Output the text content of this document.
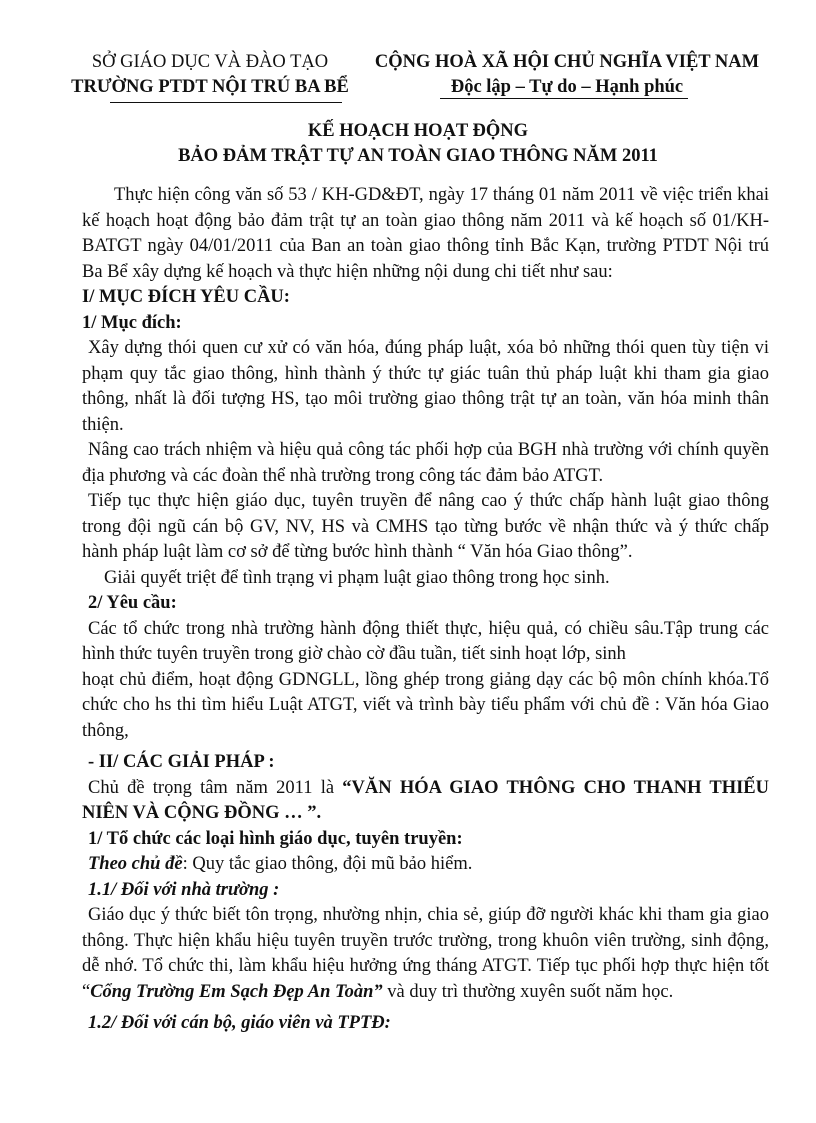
SỞ GIÁO DỤC VÀ ĐÀO TẠO
TRƯỜNG PTDT NỘI TRÚ BA BỂ
CỘNG HOÀ XÃ HỘI CHỦ NGHĨA VIỆT NAM
Độc lập – Tự do – Hạnh phúc
KẾ HOẠCH HOẠT ĐỘNG
BẢO ĐẢM TRẬT TỰ AN TOÀN GIAO THÔNG NĂM 2011

Thực hiện công văn số 53 / KH-GD&ĐT, ngày 17 tháng 01 năm 2011 về việc triển khai kế hoạch hoạt động bảo đảm trật tự an toàn giao thông năm 2011 và kế hoạch số 01/KH-BATGT ngày 04/01/2011 của Ban an toàn giao thông tỉnh Bắc Kạn, trường PTDT Nội trú Ba Bể xây dựng kế hoạch và thực hiện những nội dung chi tiết như sau:

I/ MỤC ĐÍCH YÊU CẦU:

1/ Mục đích:

Xây dựng thói quen cư xử có văn hóa, đúng pháp luật, xóa bỏ những thói quen tùy tiện vi phạm quy tắc giao thông, hình thành ý thức tự giác tuân thủ pháp luật khi tham gia giao thông, nhất là đối tượng HS, tạo môi trường giao thông trật tự an toàn, văn hóa minh thân thiện.

Nâng cao trách nhiệm và hiệu quả công tác phối hợp của BGH nhà trường với chính quyền địa phương và các đoàn thể nhà trường trong công tác đảm bảo ATGT.

Tiếp tục thực hiện giáo dục, tuyên truyền để nâng cao ý thức chấp hành luật giao thông trong đội ngũ cán bộ GV, NV, HS và CMHS tạo từng bước về nhận thức và ý thức chấp hành pháp luật làm cơ sở để từng bước hình thành “ Văn hóa Giao thông”.

Giải quyết triệt để tình trạng vi phạm luật giao thông trong học sinh.

2/ Yêu cầu:

Các tổ chức trong nhà trường hành động thiết thực, hiệu quả, có chiều sâu.Tập trung các hình thức tuyên truyền trong giờ chào cờ đầu tuần, tiết sinh hoạt lớp, sinh

hoạt chủ điểm, hoạt động GDNGLL, lồng ghép trong giảng dạy các bộ môn chính khóa.Tổ chức cho hs thi tìm hiểu Luật ATGT, viết và trình bày tiểu phẩm với chủ đề : Văn hóa Giao thông,

- II/ CÁC GIẢI PHÁP :

Chủ đề trọng tâm năm 2011 là “VĂN HÓA GIAO THÔNG CHO THANH THIẾU NIÊN VÀ CỘNG ĐỒNG … ”.

1/ Tổ chức các loại hình giáo dục, tuyên truyền:

Theo chủ đề: Quy tắc giao thông, đội mũ bảo hiểm.

1.1/ Đối với nhà trường :

Giáo dục ý thức biết tôn trọng, nhường nhịn, chia sẻ, giúp đỡ người khác khi tham gia giao thông. Thực hiện khẩu hiệu tuyên truyền trước trường, trong khuôn viên trường, sinh động, dễ nhớ. Tổ chức thi, làm khẩu hiệu hưởng ứng tháng ATGT. Tiếp tục phối hợp thực hiện tốt “Cổng Trường Em Sạch Đẹp An Toàn” và duy trì thường xuyên suốt năm học.

1.2/ Đối với cán bộ, giáo viên và TPTĐ:
